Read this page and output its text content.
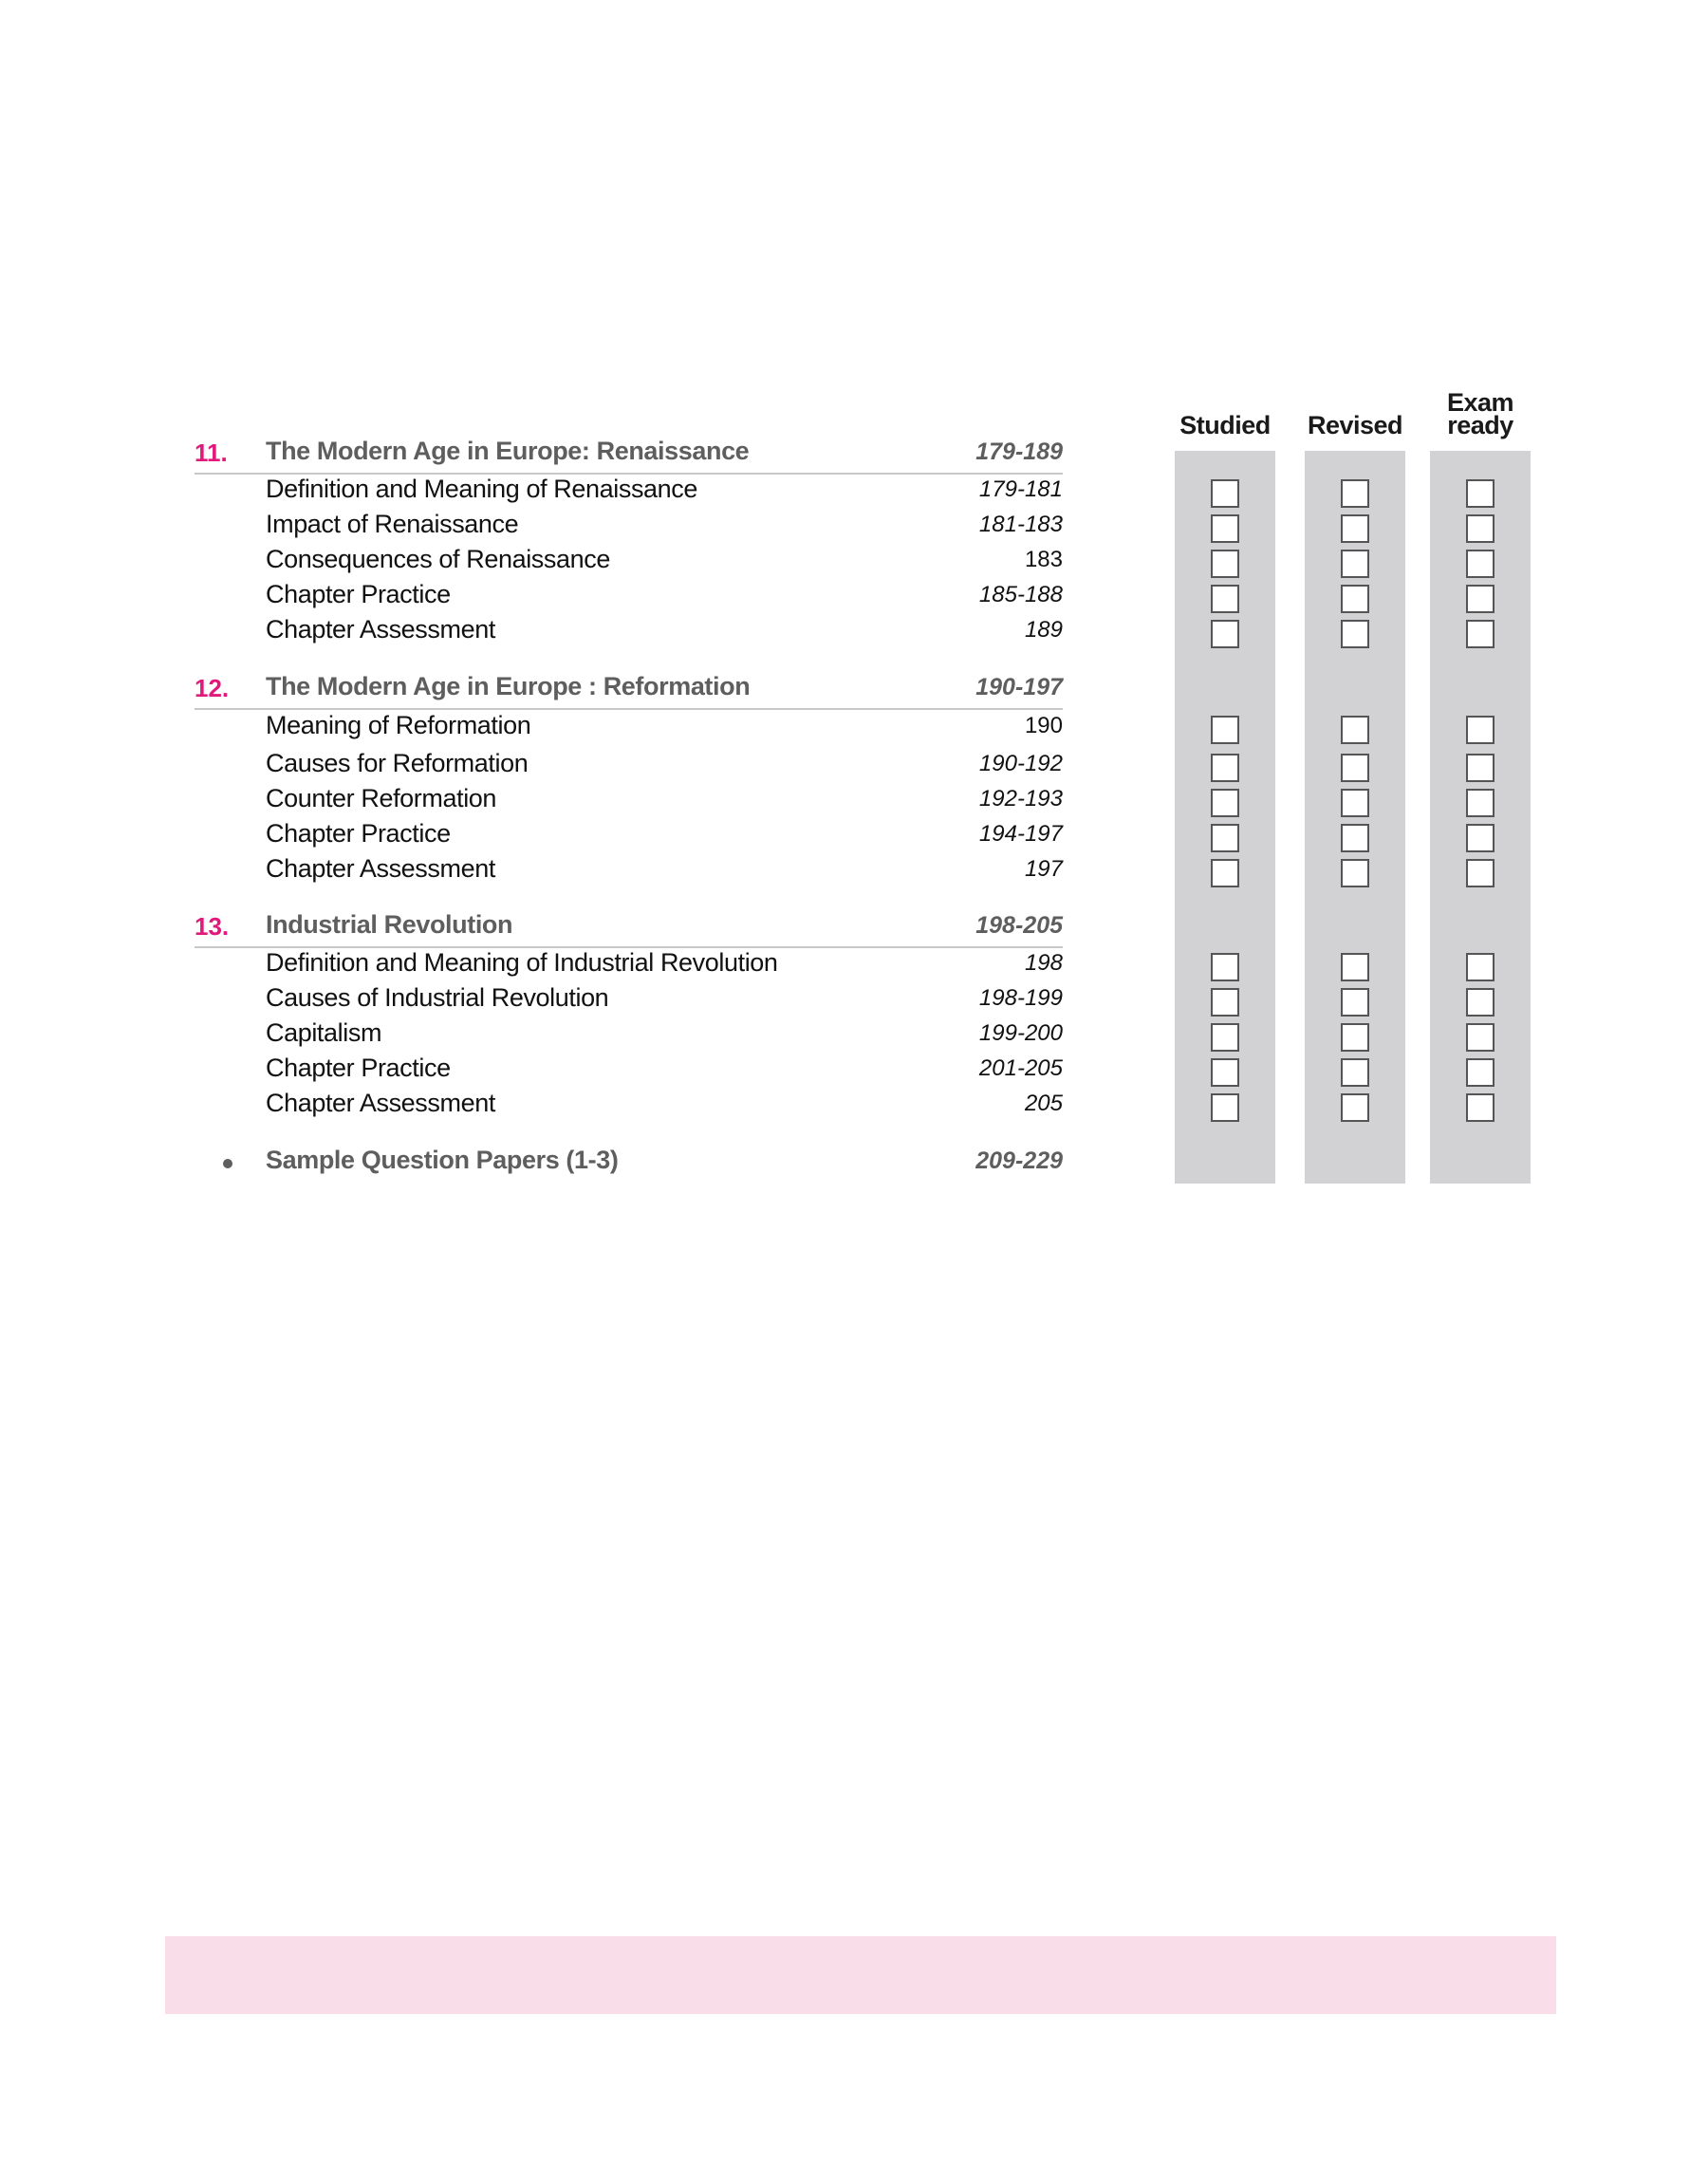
Studied Revised
Exam ready
11. The Modern Age in Europe: Renaissance	179-189
Definition and Meaning of Renaissance	179-181
Impact of Renaissance	181-183
Consequences of Renaissance	183
Chapter Practice	185-188
Chapter Assessment	189
12. The Modern Age in Europe : Reformation	190-197
Meaning of Reformation	190
Causes for Reformation	190-192
Counter Reformation	192-193
Chapter Practice	194-197
Chapter Assessment	197
13. Industrial Revolution	198-205
Definition and Meaning of Industrial Revolution	198
Causes of Industrial Revolution	198-199
Capitalism	199-200
Chapter Practice	201-205
Chapter Assessment	205
Sample Question Papers (1-3)	209-229
